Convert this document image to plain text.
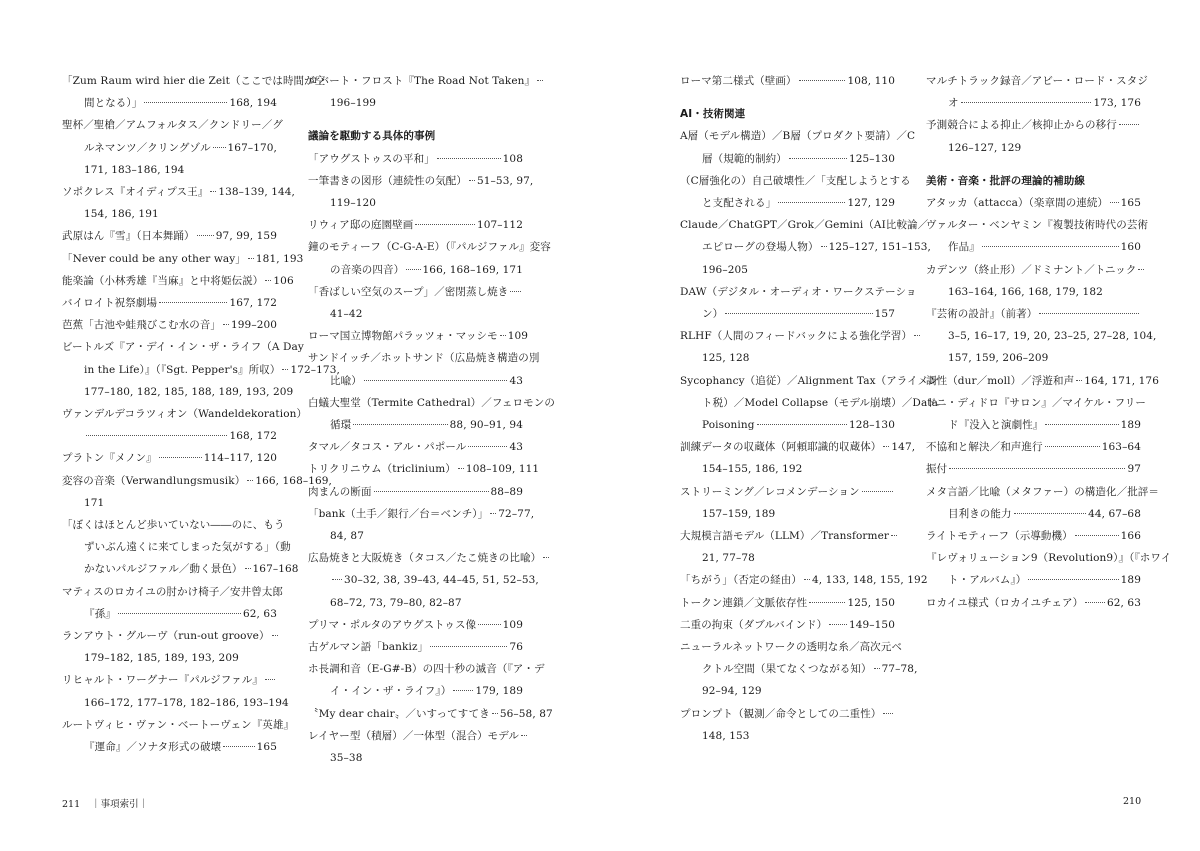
「Zum Raum wird hier die Zeit（ここでは時間が空
間となる）」	168, 194
聖杯／聖槍／アムフォルタス／クンドリー／グ
ルネマンツ／クリングゾル 167–170,
171, 183–186, 194
ソポクレス『オイディプス王』 138–139, 144,
154, 186, 191
武原はん『雪』（日本舞踊） 97, 99, 159
「Never could be any other way」 181, 193
能楽論（小林秀雄『当麻』と中将姫伝説） 106
バイロイト祝祭劇場	167, 172
芭蕉「古池や蛙飛びこむ水の音」 199–200
ビートルズ『ア・デイ・イン・ザ・ライフ（A Day
in the Life）』（『Sgt. Pepper's』所収） 172–173,
177–180, 182, 185, 188, 189, 193, 209
ヴァンデルデコラツィオン（Wandeldekoration）
168, 172
プラトン『メノン』	114–117, 120
変容の音楽（Verwandlungsmusik） 166, 168–169,
171
「ぼくはほとんど歩いていない――のに、もう
ずいぶん遠くに来てしまった気がする」（動
かないパルジファル／動く景色） 167–168
マティスのロカイユの肘かけ椅子／安井曾太郎
『孫』	62, 63
ランアウト・グルーヴ（run-out groove）
179–182, 185, 189, 193, 209
リヒャルト・ワーグナー『パルジファル』
166–172, 177–178, 182–186, 193–194
ルートヴィヒ・ヴァン・ベートーヴェン『英雄』
『運命』／ソナタ形式の破壊	165
ロバート・フロスト『The Road Not Taken』
196–199
議論を駆動する具体的事例
「アウグストゥスの平和」	108
一筆書きの図形（連続性の気配） 51–53, 97,
119–120
リウィア邸の庭園壁画	107–112
鐘のモティーフ（C-G-A-E）（『パルジファル』変容
の音楽の四音） 166, 168–169, 171
「香ばしい空気のスープ」／密閉蒸し焼き
41–42
ローマ国立博物館パラッツォ・マッシモ 109
サンドイッチ／ホットサンド（広島焼き構造の別
比喩）	43
白蟻大聖堂（Termite Cathedral）／フェロモンの
循環	88, 90–91, 94
タマル／タコス・アル・パポール	43
トリクリニウム（triclinium） 108–109, 111
肉まんの断面	88–89
「bank（土手／銀行／台＝ベンチ）」 72–77,
84, 87
広島焼きと大阪焼き（タコス／たこ焼きの比喩）
30–32, 38, 39–43, 44–45, 51, 52–53,
68–72, 73, 79–80, 82–87
プリマ・ポルタのアウグストゥス像	109
古ゲルマン語「bankiz」	76
ホ長調和音（E-G#-B）の四十秒の滅音（『ア・デ
イ・イン・ザ・ライフ』） 179, 189
〝My dear chair〟／いすってすてき 56–58, 87
レイヤー型（積層）／一体型（混合）モデル
35–38
ローマ第二様式（壁画）	108, 110
AI・技術関連
A層（モデル構造）／B層（プロダクト要請）／C
層（規範的制約）	125–130
（C層強化の）自己破壊性／「支配しようとする
と支配される」	127, 129
Claude／ChatGPT／Grok／Gemini（AI比較論／
エピローグの登場人物） 125–127, 151–153,
196–205
DAW（デジタル・オーディオ・ワークステーショ
ン）	157
RLHF（人間のフィードバックによる強化学習）
125, 128
Sycophancy（追従）／Alignment Tax（アライメン
ト税）／Model Collapse（モデル崩壊）／Data
Poisoning	128–130
訓練データの収蔵体（阿頼耶識的収蔵体） 147,
154–155, 186, 192
ストリーミング／レコメンデーション
157–159, 189
大規模言語モデル（LLM）／Transformer
21, 77–78
「ちがう」（否定の経由） 4, 133, 148, 155, 192
トークン連鎖／文脈依存性	125, 150
二重の拘束（ダブルバインド） 149–150
ニューラルネットワークの透明な糸／高次元ベ
クトル空間（果てなくつながる知） 77–78,
92–94, 129
プロンプト（観測／命令としての二重性）
148, 153
マルチトラック録音／アビー・ロード・スタジ
オ	173, 176
予測競合による抑止／核抑止からの移行
126–127, 129
美術・音楽・批評の理論的補助線
アタッカ（attacca）（楽章間の連続） 165
ヴァルター・ベンヤミン『複製技術時代の芸術
作品』	160
カデンツ（終止形）／ドミナント／トニック
163–164, 166, 168, 179, 182
『芸術の設計』（前著）
3–5, 16–17, 19, 20, 23–25, 27–28, 104,
157, 159, 206–209
調性（dur／moll）／浮遊和声 164, 171, 176
ドニ・ディドロ『サロン』／マイケル・フリー
ド『没入と演劇性』	189
不協和と解決／和声進行	163–64
振付	97
メタ言語／比喩（メタファー）の構造化／批評＝
目利きの能力	44, 67–68
ライトモティーフ（示導動機）	166
『レヴォリューション9（Revolution9）』（『ホワイ
ト・アルバム』）	189
ロカイユ様式（ロカイユチェア） 62, 63
211 ｜事項索引｜	210
